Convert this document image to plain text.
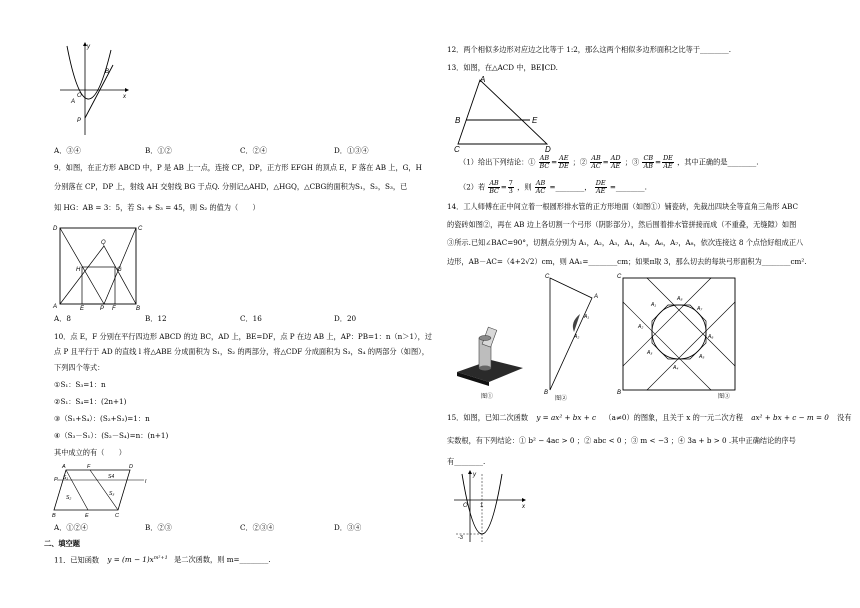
y
x
O
A
B
P
A．③④	B．①②	C．②④	D．①③④
9．如图，在正方形 ABCD 中，P 是 AB 上一点，连接 CP，DP，正方形 EFGH 的顶点 E，F 落在 AB 上，G，H
分别落在 CP，DP 上，射线 AH 交射线 BG 于点Q. 分别记△AHD，△HGQ，△CBG的面积为S₁，S₂，S₃，已
知 HG：AB = 3：5，若 S₁ + S₃ = 45，则 S₂ 的值为（　　）
D	C
Q
H	G
A	E	P F	B
A．8	B．12	C．16	D．20
10．点 E，F 分别在平行四边形 ABCD 的边 BC，AD 上，BE=DF，点 P 在边 AB 上，AP：PB=1：n（n＞1），过
点 P 且平行于 AD 的直线 l 将△ABE 分成面积为 S₁，S₂ 的两部分，将△CDF 分成面积为 S₃，S₄ 的两部分（如图），
下列四个等式：
①S₁：S₃=1：n
②S₁：S₄=1：(2n+1)
③（S₁+S₄）：(S₂+S₃)=1：n
④（S₃－S₁）：(S₂－S₄)=n：(n+1)
其中成立的有（　　）
A	F	D
P S₁	S4
l
S₂
S₃
B	E	C
A．①②④	B．②③	C．②③④	D．③④
二、填空题
11．已知函数 $y = (m - 1)x^{m^2+1}$ 是二次函数，则 m=________.
12．两个相似多边形对应边之比等于 1:2，那么这两个相似多边形面积之比等于________.
13．如图，在△ACD 中，BE∥CD.
A
B	E
C	D
（1）给出下列结论：① $\frac{AB}{BC} = \frac{AE}{DE}$ ；② $\frac{AB}{AC} = \frac{AD}{AE}$ ；③ $\frac{CB}{AB} = \frac{DE}{AE}$ ，其中正确的是________.
（2）若 $\frac{AB}{BC} = \frac{7}{3}$ ，则 $\frac{AB}{AC}$ =________， $\frac{DE}{AE}$ =________.
14．工人师傅在正中间立着一根圆形排水管的正方形地面（如图①）铺瓷砖，先裁出四块全等直角三角形 ABC
的瓷砖如图②，再在 AB 边上各切割一个弓形（阴影部分），然后围着排水管拼接而成（不重叠，无缝隙）如图
③所示.已知∠BAC=90°，切割点分别为 A₁，A₂，A₃，A₄，A₅，A₆，A₇，A₈，依次连接这 8 个点恰好组成正八
边形，AB－AC=（4+2√2）cm，则 AA₁=________cm；如果π取 3，那么切去的每块弓形面积为________cm².
图①
C
A
A₁
A₂
B
图②
C
A₁
A₈
A₇
A₂
A₆
A₃
A₅
A₄
B
图③
15．如图，已知二次函数 y = ax² + bx + c （a≠0）的图象，且关于 x 的一元二次方程 ax² + bx + c − m = 0 没有
实数根，有下列结论：① b² − 4ac > 0 ；② abc < 0 ；③ m < −3 ；④ 3a + b > 0 .其中正确结论的序号
有________.
y
O 1	x
-3
